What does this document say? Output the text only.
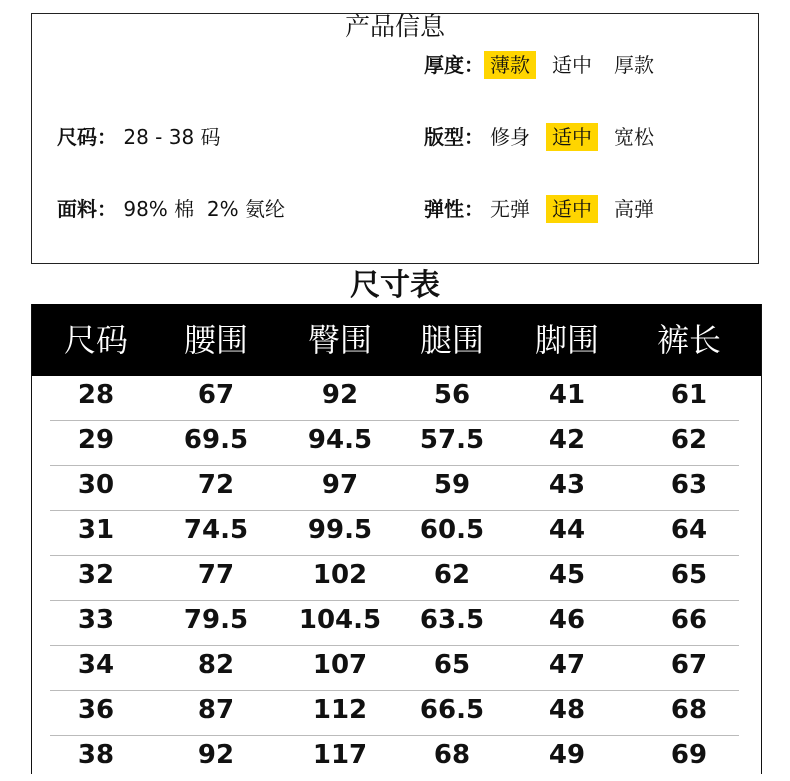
产品信息
厚度： 薄款 适中 厚款
尺码： 28 - 38 码	版型： 修身 适中 宽松
面料： 98% 棉  2% 氨纶	弹性： 无弹 适中 高弹
尺寸表
尺码 腰围 臀围 腿围 脚围 裤长
28	67	92	56	41	61
29	69.5 94.5 57.5 42	62
30	72	97	59	43	63
31	74.5 99.5 60.5 44	64
32	77	102	62	45	65
33	79.5 104.5 63.5 46	66
34	82	107	65	47	67
36	87	112 66.5 48	68
38	92	117	68	49	69
